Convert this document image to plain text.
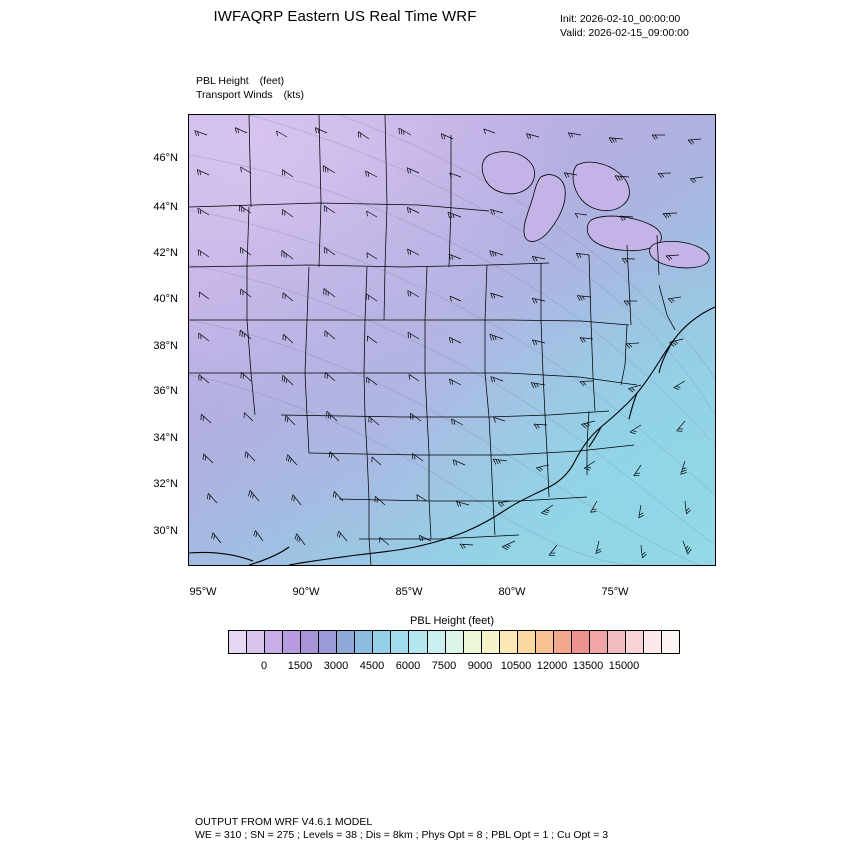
IWFAQRP Eastern US Real Time WRF	Init: 2026-02-10_00:00:00
Valid: 2026-02-15_09:00:00
PBL Height (feet)
Transport Winds (kts)
46°N
44°N
42°N
40°N
38°N
36°N
34°N
32°N
30°N
95°W	90°W	85°W	80°W	75°W
PBL Height (feet)
0 1500 3000 4500 6000 7500 9000 10500 12000 13500 15000
OUTPUT FROM WRF V4.6.1 MODEL
WE = 310 ; SN = 275 ; Levels = 38 ; Dis = 8km ; Phys Opt = 8 ; PBL Opt = 1 ; Cu Opt = 3
